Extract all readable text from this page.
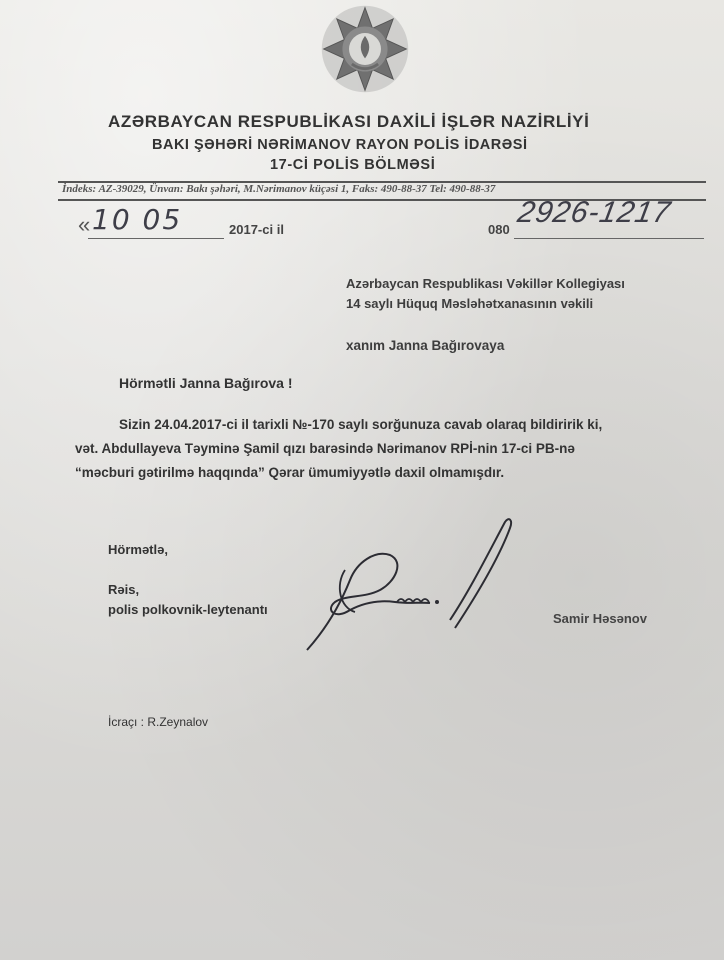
AZƏRBAYCAN RESPUBLİKASI DAXİLİ İŞLƏR NAZİRLİYİ
BAKI ŞƏHƏRİ NƏRİMANOV RAYON POLİS İDARƏSİ
17-Cİ POLİS BÖLMƏSİ
İndeks: AZ-39029, Ünvan: Bakı şəhəri, M.Nərimanov küçəsi 1, Faks: 490-88-37 Tel: 490-88-37
« 10 05	2017-ci il	080
2926-1217
Azərbaycan Respublikası Vəkillər Kollegiyası
14 saylı Hüquq Məsləhətxanasının vəkili
xanım Janna Bağırovaya
Hörmətli Janna Bağırova !
Sizin 24.04.2017-ci il tarixli №-170 saylı sorğunuza cavab olaraq bildiririk ki,
vət. Abdullayeva Təyminə Şamil qızı barəsində Nərimanov RPİ-nin 17-ci PB-nə
“məcburi gətirilmə haqqında” Qərar ümumiyyətlə daxil olmamışdır.
Hörmətlə,
Rəis,
polis polkovnik-leytenantı
Samir Həsənov
İcraçı : R.Zeynalov
